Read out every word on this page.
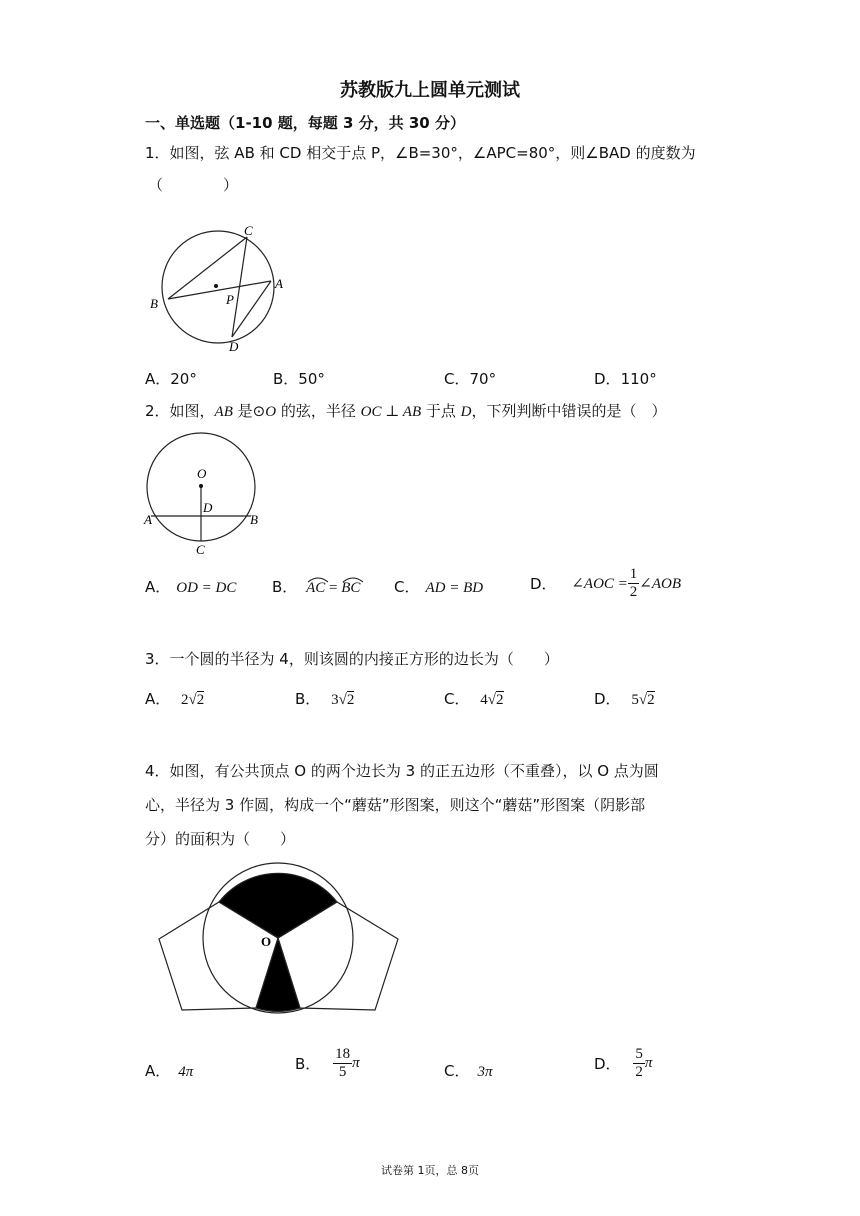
苏教版九上圆单元测试
一、单选题（1-10 题，每题 3 分，共 30 分）
1．如图，弦 AB 和 CD 相交于点 P，∠B=30°，∠APC=80°，则∠BAD 的度数为
（　　　　）
C
A
B	P
D
A．20°	B．50°	C．70°	D．110°
2．如图，AB 是⊙O 的弦，半径 OC ⊥ AB 于点 D，下列判断中错误的是（　）
O
D
A	B
C
A． OD = DC B． AC =
BC C． AD = BD	D． ∠AOC = $\frac{1}{2}$ ∠AOB
3．一个圆的半径为 4，则该圆的内接正方形的边长为（　　）
A． 2√2	B． 3√2	C． 4√2	D． 5√2
4．如图，有公共顶点 O 的两个边长为 3 的正五边形（不重叠），以 O 点为圆
心，半径为 3 作圆，构成一个“蘑菇”形图案，则这个“蘑菇”形图案（阴影部
分）的面积为（　　）
O
A． 4π	B． $\frac{18}{5}$ π	C． 3π	D． $\frac{5}{2}$ π
试卷第 1页，总 8页
